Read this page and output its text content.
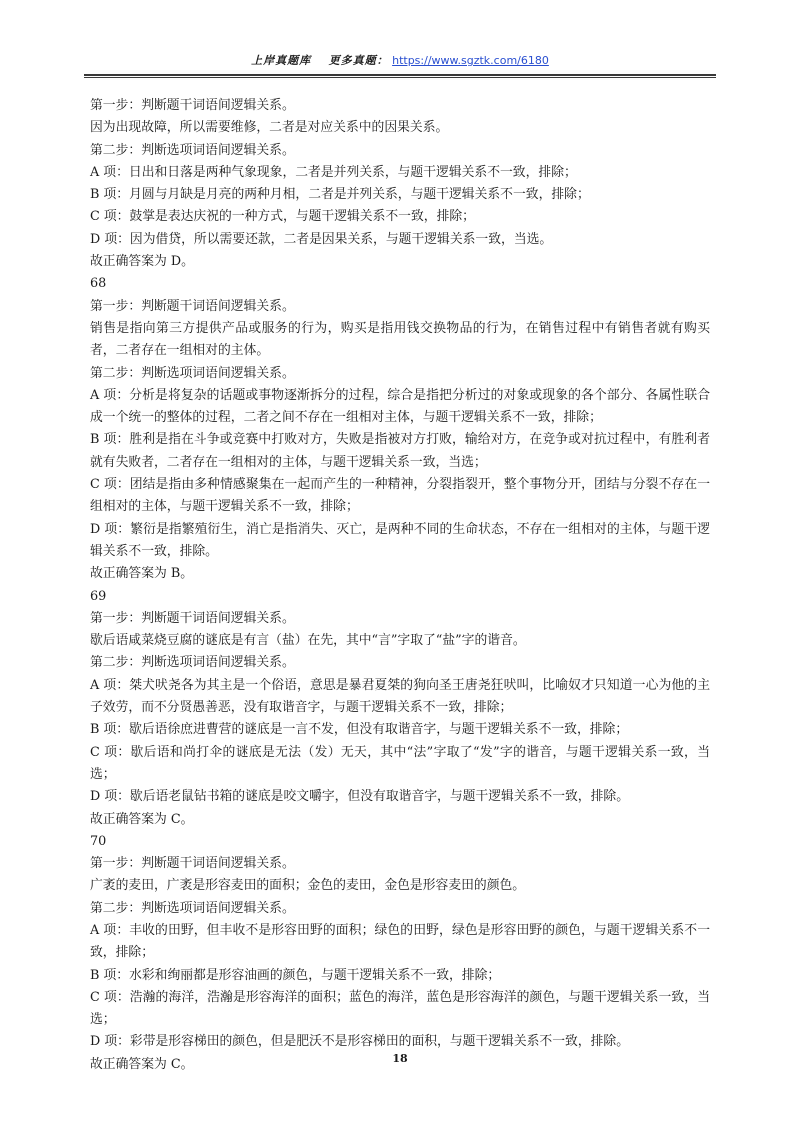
上岸真题库 更多真题： https://www.sgztk.com/6180

第一步：判断题干词语间逻辑关系。

因为出现故障，所以需要维修，二者是对应关系中的因果关系。

第二步：判断选项词语间逻辑关系。

A 项：日出和日落是两种气象现象，二者是并列关系，与题干逻辑关系不一致，排除；

B 项：月圆与月缺是月亮的两种月相，二者是并列关系，与题干逻辑关系不一致，排除；

C 项：鼓掌是表达庆祝的一种方式，与题干逻辑关系不一致，排除；

D 项：因为借贷，所以需要还款，二者是因果关系，与题干逻辑关系一致，当选。

故正确答案为 D。

68

第一步：判断题干词语间逻辑关系。

销售是指向第三方提供产品或服务的行为，购买是指用钱交换物品的行为，在销售过程中有销售者就有购买者，二者存在一组相对的主体。

第二步：判断选项词语间逻辑关系。

A 项：分析是将复杂的话题或事物逐渐拆分的过程，综合是指把分析过的对象或现象的各个部分、各属性联合成一个统一的整体的过程，二者之间不存在一组相对主体，与题干逻辑关系不一致，排除；

B 项：胜利是指在斗争或竞赛中打败对方，失败是指被对方打败，输给对方，在竞争或对抗过程中，有胜利者就有失败者，二者存在一组相对的主体，与题干逻辑关系一致，当选；

C 项：团结是指由多种情感聚集在一起而产生的一种精神，分裂指裂开，整个事物分开，团结与分裂不存在一组相对的主体，与题干逻辑关系不一致，排除；

D 项：繁衍是指繁殖衍生，消亡是指消失、灭亡，是两种不同的生命状态，不存在一组相对的主体，与题干逻辑关系不一致，排除。

故正确答案为 B。

69

第一步：判断题干词语间逻辑关系。

歇后语咸菜烧豆腐的谜底是有言（盐）在先，其中“言”字取了“盐”字的谐音。

第二步：判断选项词语间逻辑关系。

A 项：桀犬吠尧各为其主是一个俗语，意思是暴君夏桀的狗向圣王唐尧狂吠叫，比喻奴才只知道一心为他的主子效劳，而不分贤愚善恶，没有取谐音字，与题干逻辑关系不一致，排除；

B 项：歇后语徐庶进曹营的谜底是一言不发，但没有取谐音字，与题干逻辑关系不一致，排除；

C 项：歇后语和尚打伞的谜底是无法（发）无天，其中“法”字取了“发”字的谐音，与题干逻辑关系一致，当选；

D 项：歇后语老鼠钻书箱的谜底是咬文嚼字，但没有取谐音字，与题干逻辑关系不一致，排除。

故正确答案为 C。

70

第一步：判断题干词语间逻辑关系。

广袤的麦田，广袤是形容麦田的面积；金色的麦田，金色是形容麦田的颜色。

第二步：判断选项词语间逻辑关系。

A 项：丰收的田野，但丰收不是形容田野的面积；绿色的田野，绿色是形容田野的颜色，与题干逻辑关系不一致，排除；

B 项：水彩和绚丽都是形容油画的颜色，与题干逻辑关系不一致，排除；

C 项：浩瀚的海洋，浩瀚是形容海洋的面积；蓝色的海洋，蓝色是形容海洋的颜色，与题干逻辑关系一致，当选；

D 项：彩带是形容梯田的颜色，但是肥沃不是形容梯田的面积，与题干逻辑关系不一致，排除。

故正确答案为 C。	18
